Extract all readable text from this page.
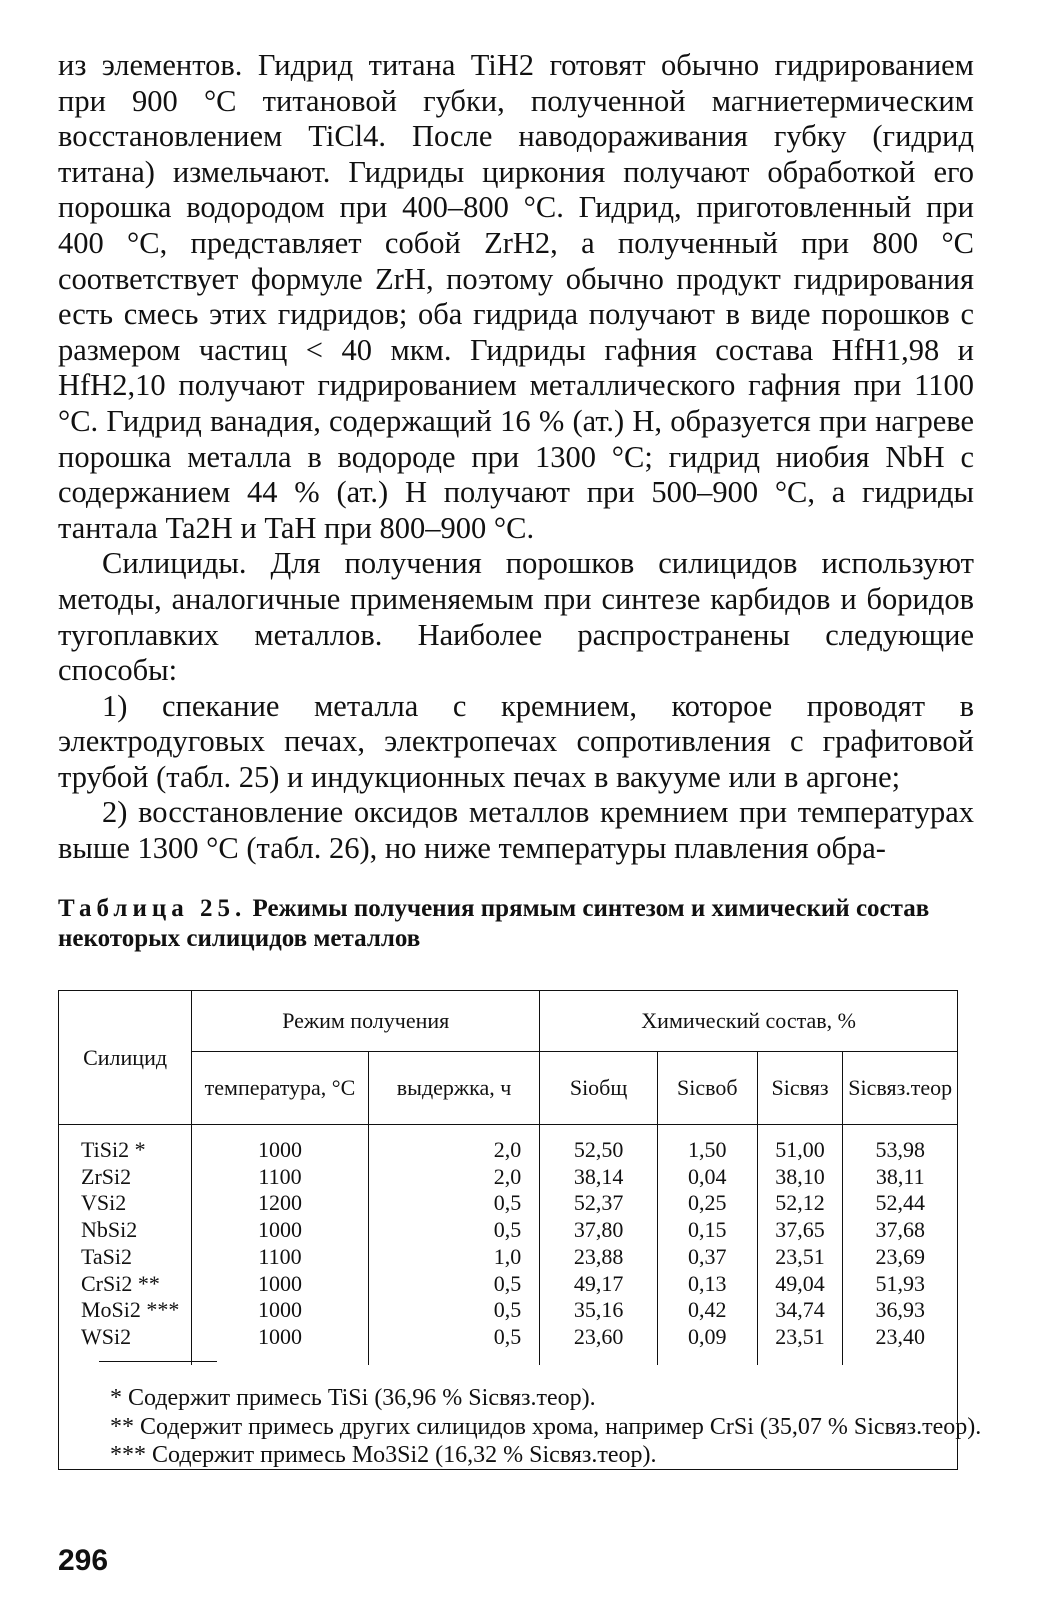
из элементов. Гидрид титана TiH2 готовят обычно гидрированием при 900 °C титановой губки, полученной магниетермическим восстановлением TiCl4. После наводораживания губку (гидрид титана) измельчают. Гидриды циркония получают обработкой его порошка водородом при 400–800 °C. Гидрид, приготовленный при 400 °C, представляет собой ZrH2, а полученный при 800 °C соответствует формуле ZrH, поэтому обычно продукт гидрирования есть смесь этих гидридов; оба гидрида получают в виде порошков с размером частиц < 40 мкм. Гидриды гафния состава HfH1,98 и HfH2,10 получают гидрированием металлического гафния при 1100 °C. Гидрид ванадия, содержащий 16 % (ат.) H, образуется при нагреве порошка металла в водороде при 1300 °C; гидрид ниобия NbH с содержанием 44 % (ат.) H получают при 500–900 °C, а гидриды тантала Ta2H и TaH при 800–900 °C.

Силициды. Для получения порошков силицидов используют методы, аналогичные применяемым при синтезе карбидов и боридов тугоплавких металлов. Наиболее распространены следующие способы:

1) спекание металла с кремнием, которое проводят в электродуговых печах, электропечах сопротивления с графитовой трубой (табл. 25) и индукционных печах в вакууме или в аргоне;

2) восстановление оксидов металлов кремнием при температурах выше 1300 °C (табл. 26), но ниже температуры плавления обра-

Таблица 25. Режимы получения прямым синтезом и химический состав некоторых силицидов металлов
Силицид	Режим получения		Химический состав, %			
	температура, °C	выдержка, ч	Siобщ	Siсвоб	Siсвяз	Siсвяз.теор
TiSi2 *	1000	2,0	52,50	1,50	51,00	53,98
ZrSi2	1100	2,0	38,14	0,04	38,10	38,11
VSi2	1200	0,5	52,37	0,25	52,12	52,44
NbSi2	1000	0,5	37,80	0,15	37,65	37,68
TaSi2	1100	1,0	23,88	0,37	23,51	23,69
CrSi2 **	1000	0,5	49,17	0,13	49,04	51,93
MoSi2 ***	1000	0,5	35,16	0,42	34,74	36,93
WSi2	1000	0,5	23,60	0,09	23,51	23,40
* Содержит примесь TiSi (36,96 % Siсвяз.теор).
** Содержит примесь других силицидов хрома, например CrSi (35,07 % Siсвяз.теор).
*** Содержит примесь Mo3Si2 (16,32 % Siсвяз.теор).
296
